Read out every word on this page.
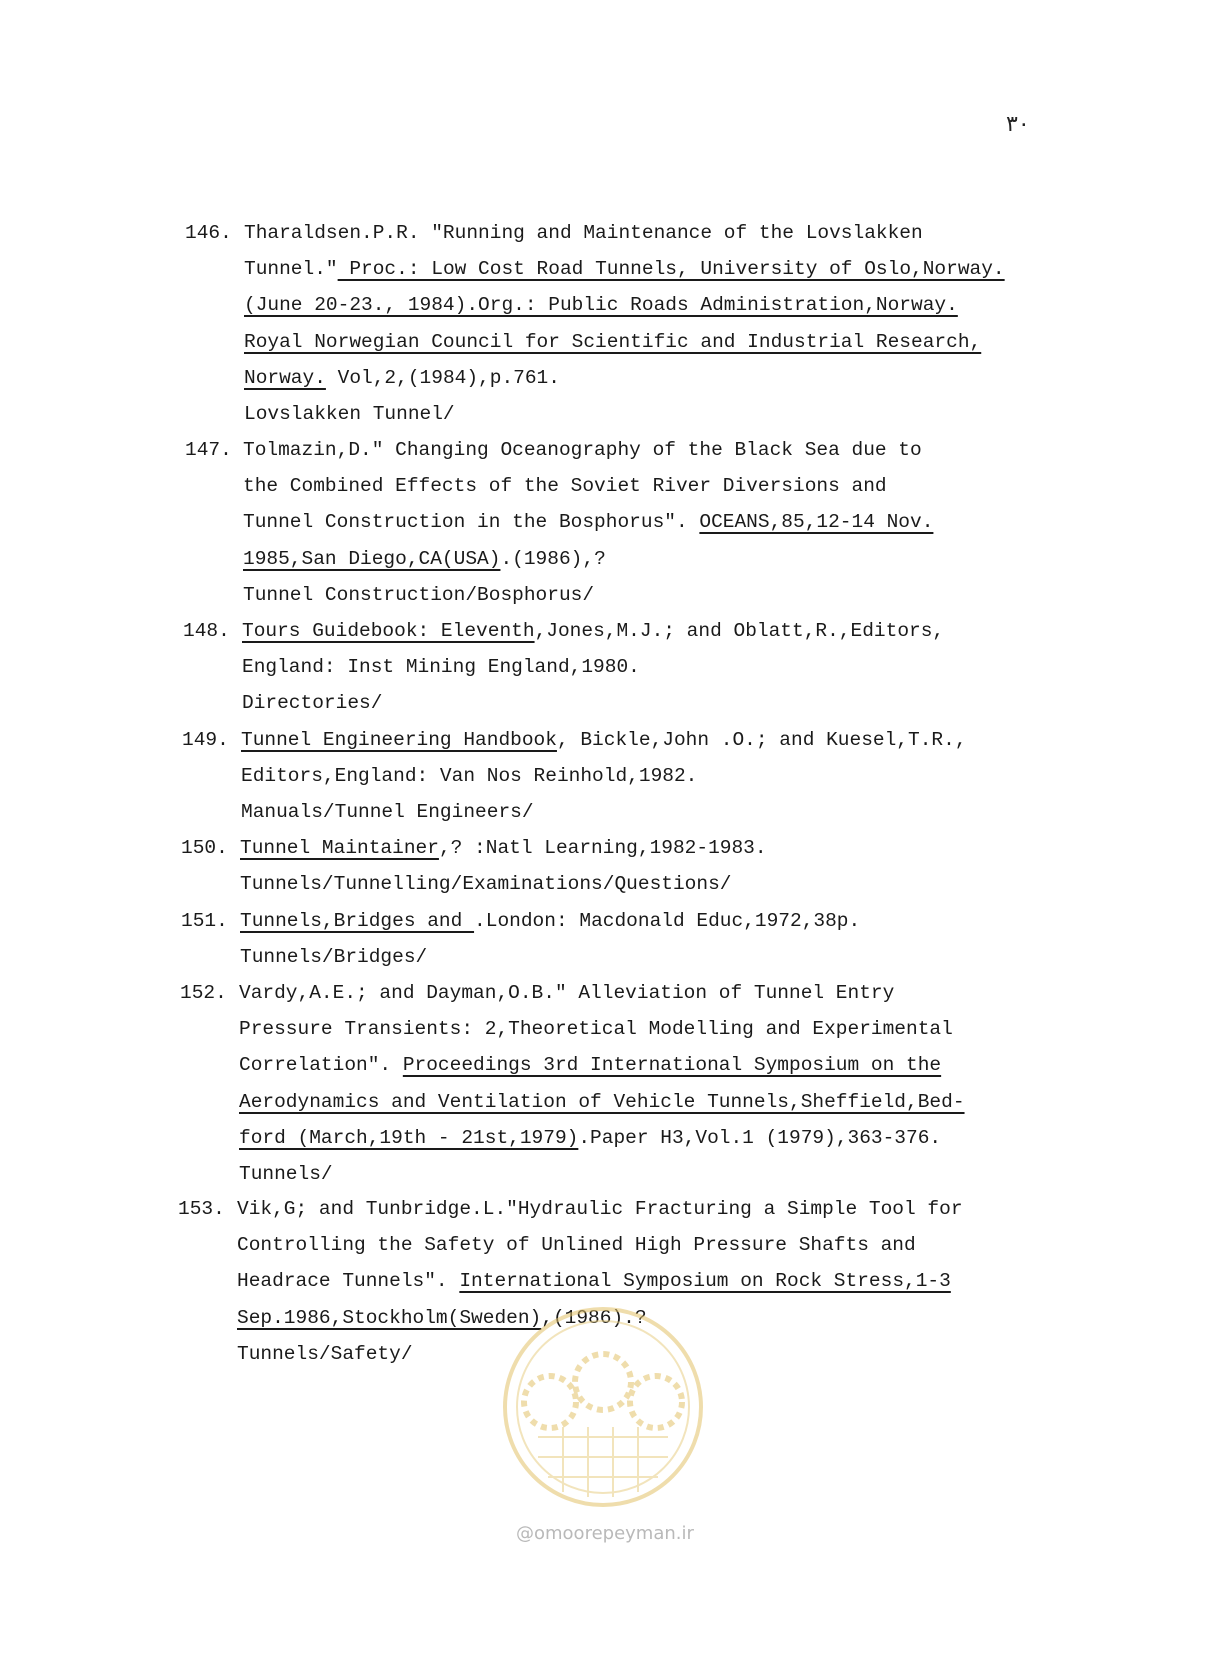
۳۰
146. Tharaldsen.P.R. "Running and Maintenance of the Lovslakken
Tunnel." Proc.: Low Cost Road Tunnels, University of Oslo,Norway.
(June 20-23., 1984).Org.: Public Roads Administration,Norway.
Royal Norwegian Council for Scientific and Industrial Research,
Norway. Vol,2,(1984),p.761.
Lovslakken Tunnel/
147. Tolmazin,D." Changing Oceanography of the Black Sea due to
the Combined Effects of the Soviet River Diversions and
Tunnel Construction in the Bosphorus". OCEANS,85,12-14 Nov.
1985,San Diego,CA(USA).(1986),?
Tunnel Construction/Bosphorus/
148. Tours Guidebook: Eleventh,Jones,M.J.; and Oblatt,R.,Editors,
England: Inst Mining England,1980.
Directories/
149. Tunnel Engineering Handbook, Bickle,John .O.; and Kuesel,T.R.,
Editors,England: Van Nos Reinhold,1982.
Manuals/Tunnel Engineers/
150. Tunnel Maintainer,? :Natl Learning,1982-1983.
Tunnels/Tunnelling/Examinations/Questions/
151. Tunnels,Bridges and .London: Macdonald Educ,1972,38p.
Tunnels/Bridges/
152. Vardy,A.E.; and Dayman,O.B." Alleviation of Tunnel Entry
Pressure Transients: 2,Theoretical Modelling and Experimental
Correlation". Proceedings 3rd International Symposium on the
Aerodynamics and Ventilation of Vehicle Tunnels,Sheffield,Bed-
ford (March,19th - 21st,1979).Paper H3,Vol.1 (1979),363-376.
Tunnels/
153. Vik,G; and Tunbridge.L."Hydraulic Fracturing a Simple Tool for
Controlling the Safety of Unlined High Pressure Shafts and
Headrace Tunnels". International Symposium on Rock Stress,1-3
Sep.1986,Stockholm(Sweden),(1986).?
Tunnels/Safety/
@omoorepeyman.ir
